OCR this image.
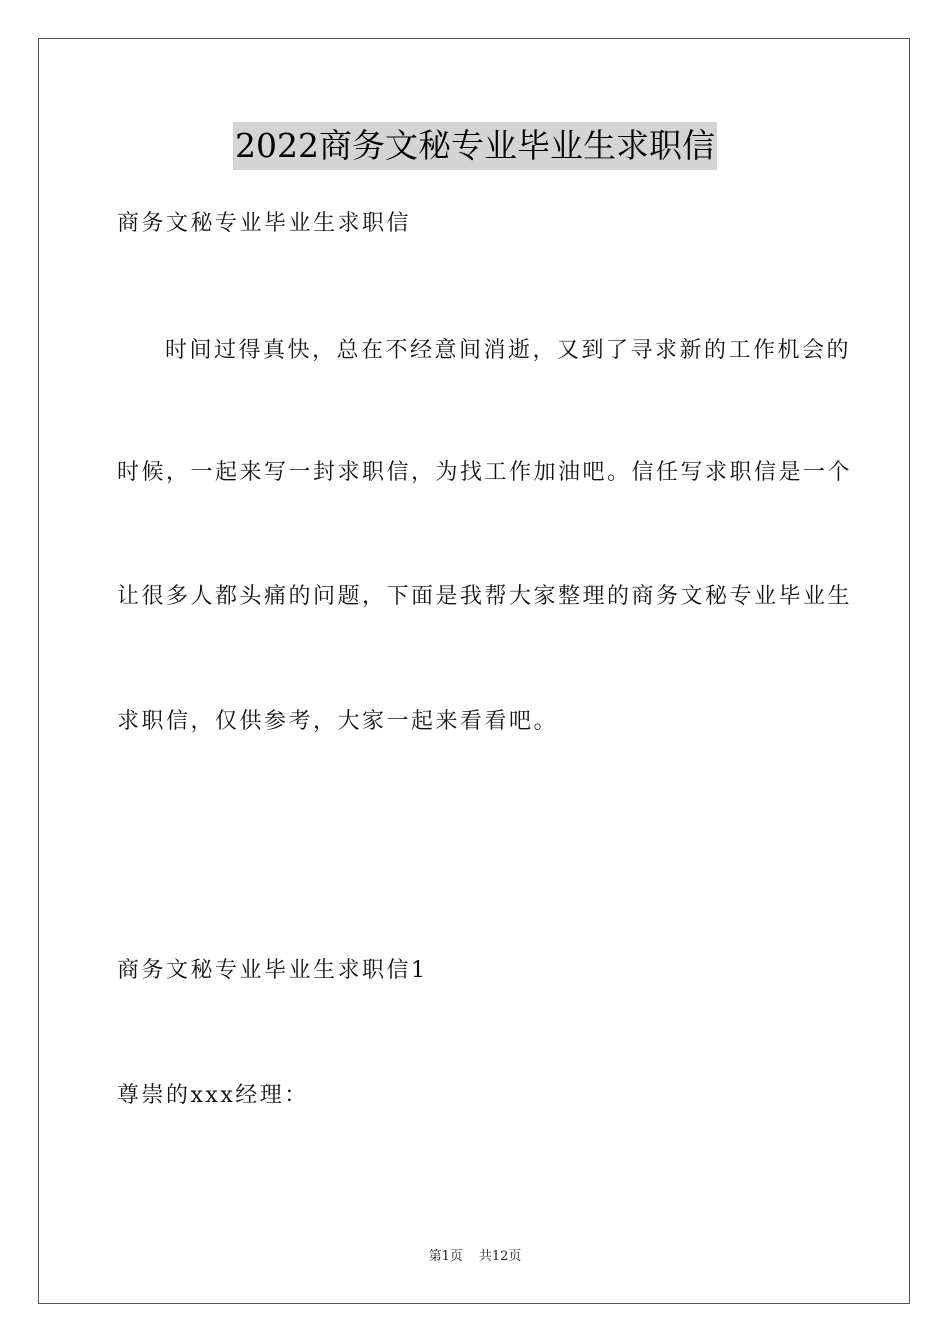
2022商务文秘专业毕业生求职信
商务文秘专业毕业生求职信
时间过得真快，总在不经意间消逝，又到了寻求新的工作机会的
时候，一起来写一封求职信，为找工作加油吧。信任写求职信是一个
让很多人都头痛的问题，下面是我帮大家整理的商务文秘专业毕业生
求职信，仅供参考，大家一起来看看吧。
商务文秘专业毕业生求职信1
尊崇的xxx经理：
第1页 共12页
